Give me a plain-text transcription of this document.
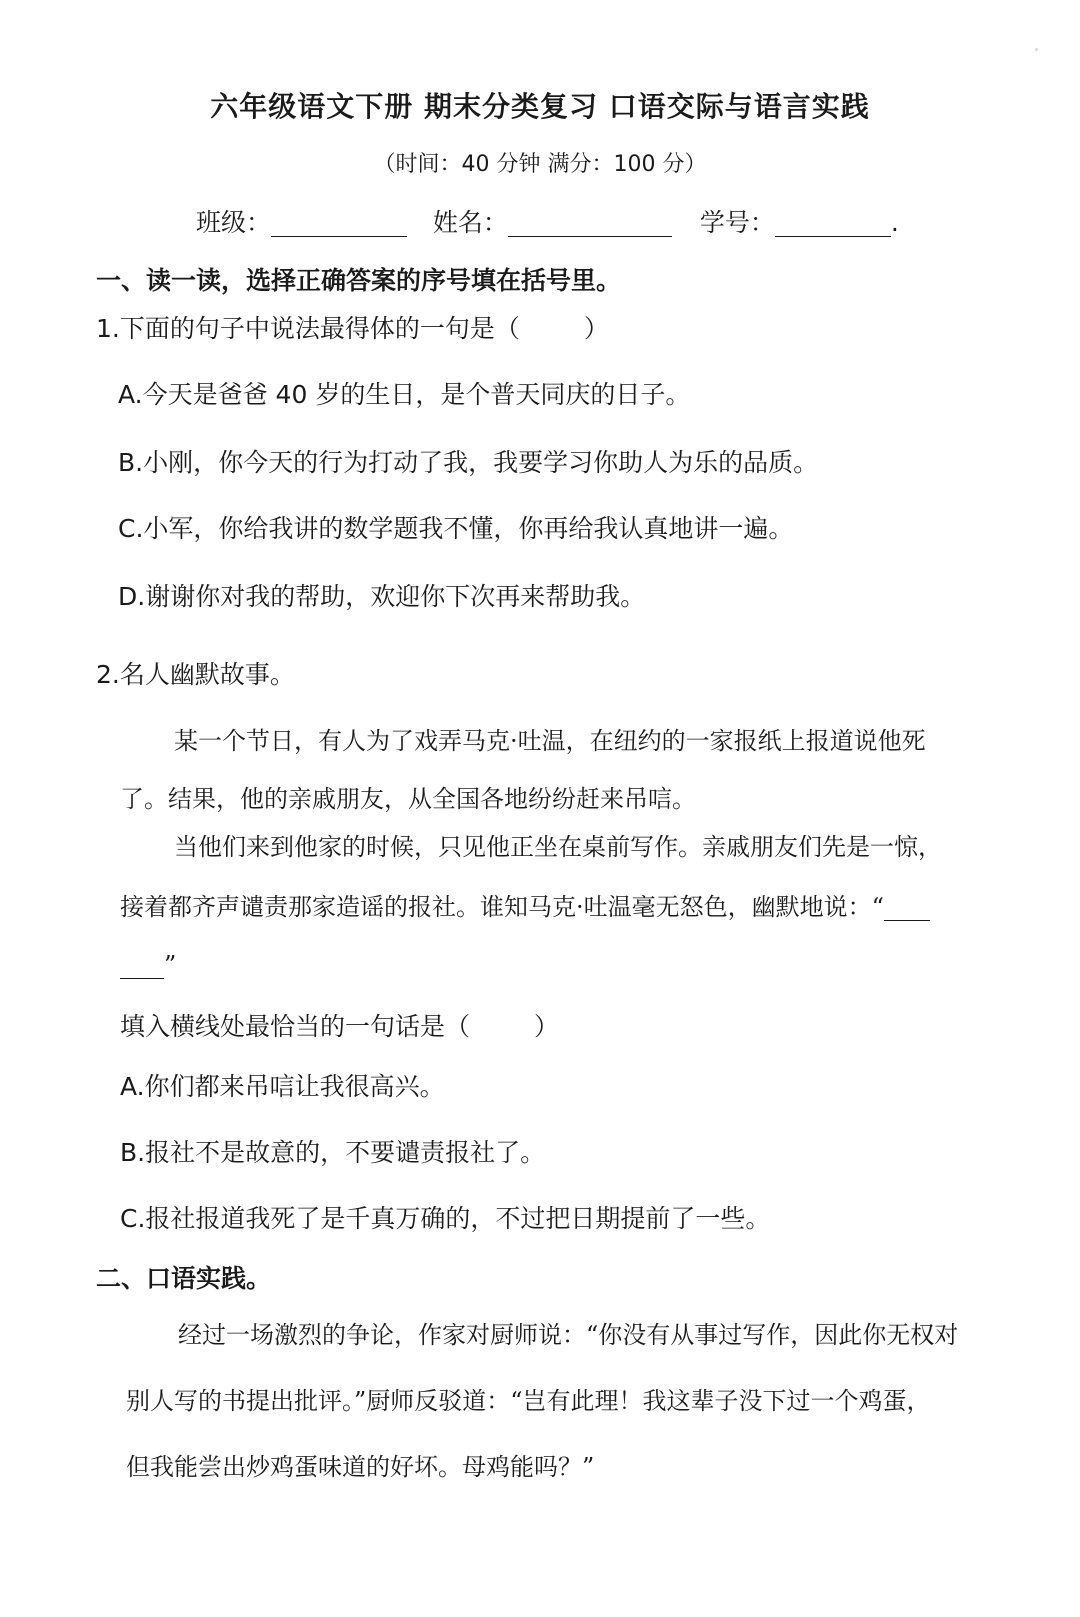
六年级语文下册 期末分类复习 口语交际与语言实践
（时间：40 分钟 满分：100 分）
班级：	姓名：	学号：	.
一、读一读，选择正确答案的序号填在括号里。
1.下面的句子中说法最得体的一句是（	）
A.今天是爸爸 40 岁的生日，是个普天同庆的日子。
B.小刚，你今天的行为打动了我，我要学习你助人为乐的品质。
C.小军，你给我讲的数学题我不懂，你再给我认真地讲一遍。
D.谢谢你对我的帮助，欢迎你下次再来帮助我。
2.名人幽默故事。
某一个节日，有人为了戏弄马克·吐温，在纽约的一家报纸上报道说他死
了。结果，他的亲戚朋友，从全国各地纷纷赶来吊唁。
当他们来到他家的时候，只见他正坐在桌前写作。亲戚朋友们先是一惊，
接着都齐声谴责那家造谣的报社。谁知马克·吐温毫无怒色，幽默地说：“
”
填入横线处最恰当的一句话是（	）
A.你们都来吊唁让我很高兴。
B.报社不是故意的，不要谴责报社了。
C.报社报道我死了是千真万确的，不过把日期提前了一些。
二、口语实践。
经过一场激烈的争论，作家对厨师说：“你没有从事过写作，因此你无权对
别人写的书提出批评。”厨师反驳道：“岂有此理！我这辈子没下过一个鸡蛋，
但我能尝出炒鸡蛋味道的好坏。母鸡能吗？”
